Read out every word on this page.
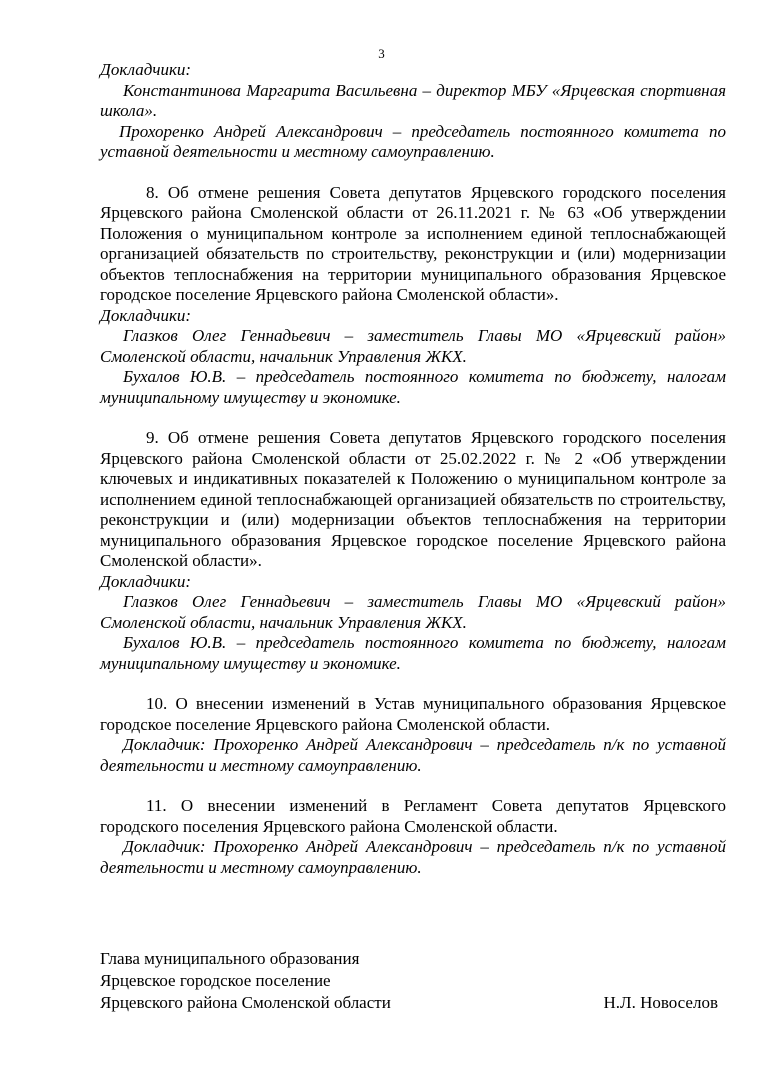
3

Докладчики:

Константинова Маргарита Васильевна – директор МБУ «Ярцевская спортивная школа».

Прохоренко Андрей Александрович – председатель постоянного комитета по уставной деятельности и местному самоуправлению.

8. Об отмене решения Совета депутатов Ярцевского городского поселения Ярцевского района Смоленской области от 26.11.2021 г. № 63 «Об утверждении Положения о муниципальном контроле за исполнением единой теплоснабжающей организацией обязательств по строительству, реконструкции и (или) модернизации объектов теплоснабжения на территории муниципального образования Ярцевское городское поселение Ярцевского района Смоленской области».

Докладчики:

Глазков Олег Геннадьевич – заместитель Главы МО «Ярцевский район» Смоленской области, начальник Управления ЖКХ.

Бухалов Ю.В. – председатель постоянного комитета по бюджету, налогам муниципальному имуществу и экономике.

9. Об отмене решения Совета депутатов Ярцевского городского поселения Ярцевского района Смоленской области от 25.02.2022 г. № 2 «Об утверждении ключевых и индикативных показателей к Положению о муниципальном контроле за исполнением единой теплоснабжающей организацией обязательств по строительству, реконструкции и (или) модернизации объектов теплоснабжения на территории муниципального образования Ярцевское городское поселение Ярцевского района Смоленской области».

Докладчики:

Глазков Олег Геннадьевич – заместитель Главы МО «Ярцевский район» Смоленской области, начальник Управления ЖКХ.

Бухалов Ю.В. – председатель постоянного комитета по бюджету, налогам муниципальному имуществу и экономике.

10. О внесении изменений в Устав муниципального образования Ярцевское городское поселение Ярцевского района Смоленской области.

Докладчик: Прохоренко Андрей Александрович – председатель п/к по уставной деятельности и местному самоуправлению.

11. О внесении изменений в Регламент Совета депутатов Ярцевского городского поселения Ярцевского района Смоленской области.

Докладчик: Прохоренко Андрей Александрович – председатель п/к по уставной деятельности и местному самоуправлению.

Глава муниципального образования
Ярцевское городское поселение
Ярцевского района Смоленской области	Н.Л. Новоселов
